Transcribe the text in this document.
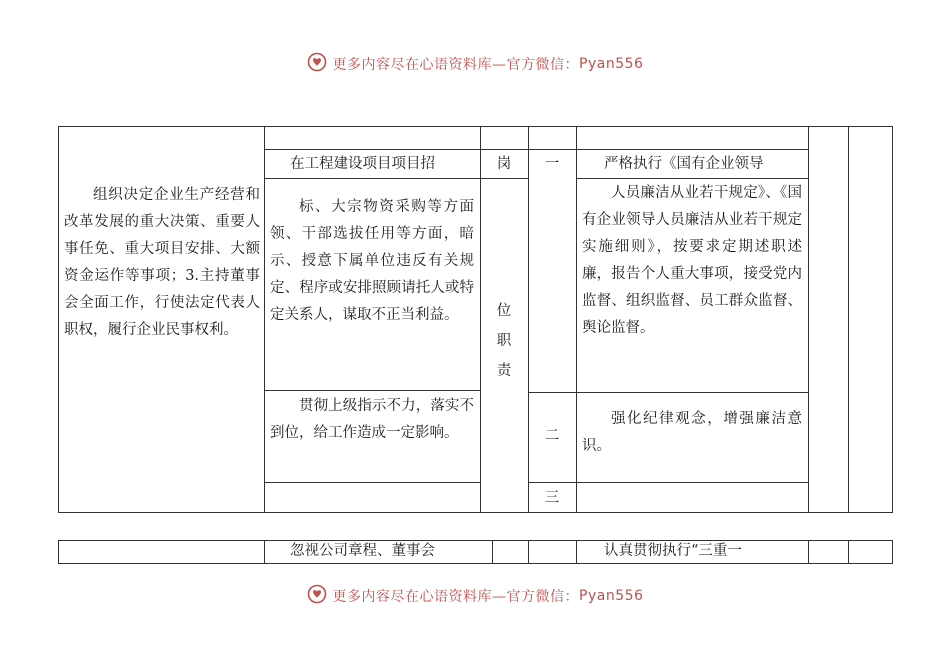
更多内容尽在心语资料库—官方微信：Pyan556
组织决定企业生产经营和改革发展的重大决策、重要人事任免、重大项目安排、大额资金运作等事项；3.主持董事会全面工作，行使法定代表人职权，履行企业民事权利。
在工程建设项目项目招
标、大宗物资采购等方面领、干部选拔任用等方面，暗示、授意下属单位违反有关规定、程序或安排照顾请托人或特定关系人，谋取不正当利益。
贯彻上级指示不力，落实不到位，给工作造成一定影响。
岗
位
职
责
一
二
三
严格执行《国有企业领导
人员廉洁从业若干规定》、《国有企业领导人员廉洁从业若干规定实施细则》，按要求定期述职述廉，报告个人重大事项，接受党内监督、组织监督、员工群众监督、舆论监督。
强化纪律观念，增强廉洁意识。
忽视公司章程、董事会	认真贯彻执行“三重一
更多内容尽在心语资料库—官方微信：Pyan556
